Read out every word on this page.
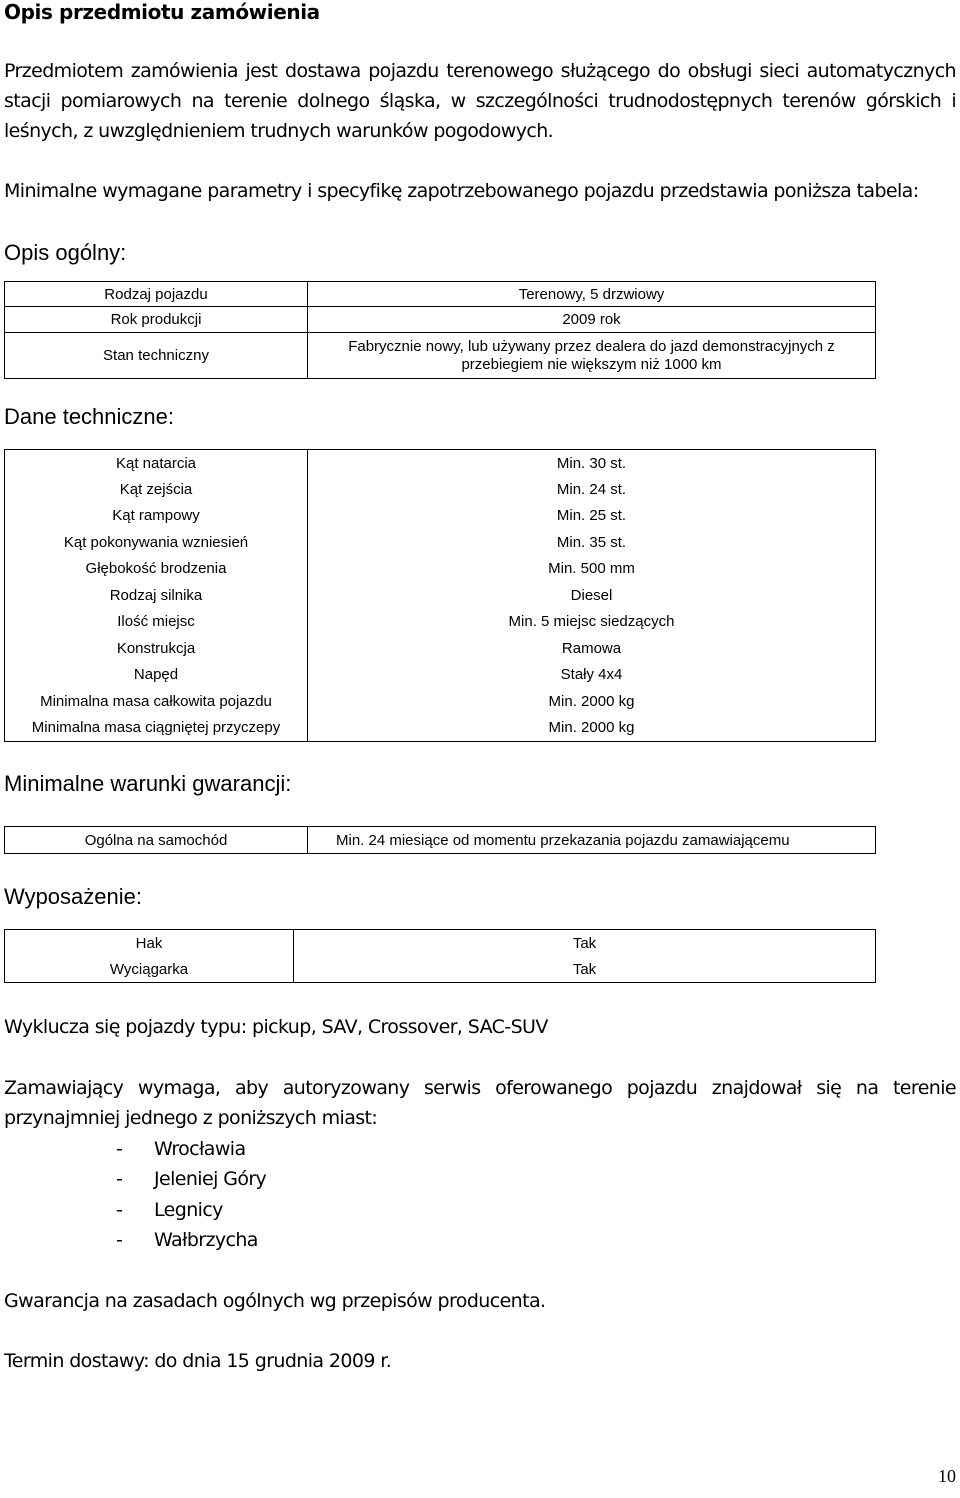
Opis przedmiotu zamówienia
Przedmiotem zamówienia jest dostawa pojazdu terenowego służącego do obsługi sieci automatycznych stacji pomiarowych na terenie dolnego śląska, w szczególności trudnodostępnych terenów górskich i leśnych, z uwzględnieniem trudnych warunków pogodowych.
Minimalne wymagane parametry i specyfikę zapotrzebowanego pojazdu przedstawia poniższa tabela:
Opis ogólny:
Rodzaj pojazdu	Terenowy, 5 drzwiowy
Rok produkcji	2009 rok
Stan techniczny	Fabrycznie nowy, lub używany przez dealera do jazd demonstracyjnych z przebiegiem nie większym niż 1000 km
Dane techniczne:
Kąt natarcia	Min. 30 st.
Kąt zejścia	Min. 24 st.
Kąt rampowy	Min. 25 st.
Kąt pokonywania wzniesień	Min. 35 st.
Głębokość brodzenia	Min. 500 mm
Rodzaj silnika	Diesel
Ilość miejsc	Min. 5 miejsc siedzących
Konstrukcja	Ramowa
Napęd	Stały 4x4
Minimalna masa całkowita pojazdu	Min. 2000 kg
Minimalna masa ciągniętej przyczepy	Min. 2000 kg
Minimalne warunki gwarancji:
Ogólna na samochód	Min. 24 miesiące od momentu przekazania pojazdu zamawiającemu
Wyposażenie:
Hak	Tak
Wyciągarka	Tak
Wyklucza się pojazdy typu: pickup, SAV, Crossover, SAC-SUV
Zamawiający wymaga, aby autoryzowany serwis oferowanego pojazdu znajdował się na terenie
przynajmniej jednego z poniższych miast:
- Wrocławia
- Jeleniej Góry
- Legnicy
- Wałbrzycha
Gwarancja na zasadach ogólnych wg przepisów producenta.
Termin dostawy: do dnia 15 grudnia 2009 r.
10
